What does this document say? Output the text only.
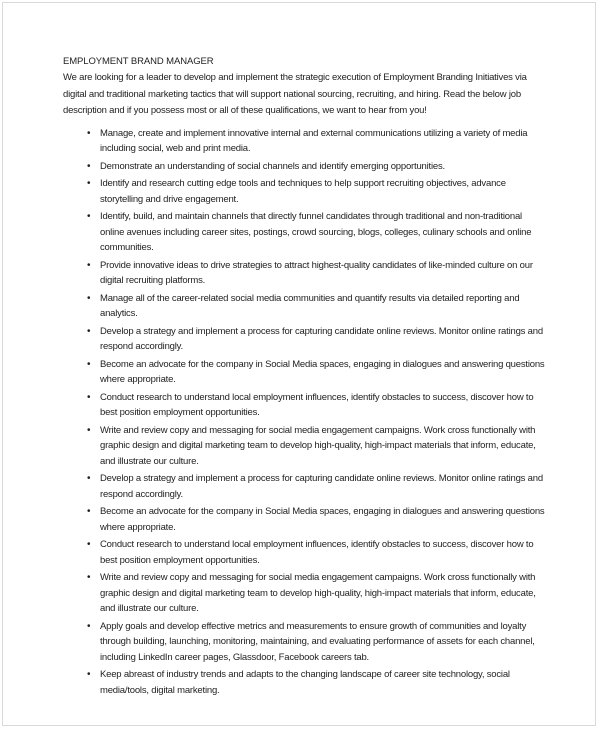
EMPLOYMENT BRAND MANAGER

We are looking for a leader to develop and implement the strategic execution of Employment Branding Initiatives via digital and traditional marketing tactics that will support national sourcing, recruiting, and hiring. Read the below job description and if you possess most or all of these qualifications, we want to hear from you!

• Manage, create and implement innovative internal and external communications utilizing a variety of media including social, web and print media.
• Demonstrate an understanding of social channels and identify emerging opportunities.
• Identify and research cutting edge tools and techniques to help support recruiting objectives, advance storytelling and drive engagement.
• Identify, build, and maintain channels that directly funnel candidates through traditional and non-traditional online avenues including career sites, postings, crowd sourcing, blogs, colleges, culinary schools and online communities.
• Provide innovative ideas to drive strategies to attract highest-quality candidates of like-minded culture on our digital recruiting platforms.
• Manage all of the career-related social media communities and quantify results via detailed reporting and analytics.
• Develop a strategy and implement a process for capturing candidate online reviews. Monitor online ratings and respond accordingly.
• Become an advocate for the company in Social Media spaces, engaging in dialogues and answering questions where appropriate.
• Conduct research to understand local employment influences, identify obstacles to success, discover how to best position employment opportunities.
• Write and review copy and messaging for social media engagement campaigns. Work cross functionally with graphic design and digital marketing team to develop high-quality, high-impact materials that inform, educate, and illustrate our culture.
• Develop a strategy and implement a process for capturing candidate online reviews. Monitor online ratings and respond accordingly.
• Become an advocate for the company in Social Media spaces, engaging in dialogues and answering questions where appropriate.
• Conduct research to understand local employment influences, identify obstacles to success, discover how to best position employment opportunities.
• Write and review copy and messaging for social media engagement campaigns. Work cross functionally with graphic design and digital marketing team to develop high-quality, high-impact materials that inform, educate, and illustrate our culture.
• Apply goals and develop effective metrics and measurements to ensure growth of communities and loyalty through building, launching, monitoring, maintaining, and evaluating performance of assets for each channel, including LinkedIn career pages, Glassdoor, Facebook careers tab.
• Keep abreast of industry trends and adapts to the changing landscape of career site technology, social media/tools, digital marketing.
